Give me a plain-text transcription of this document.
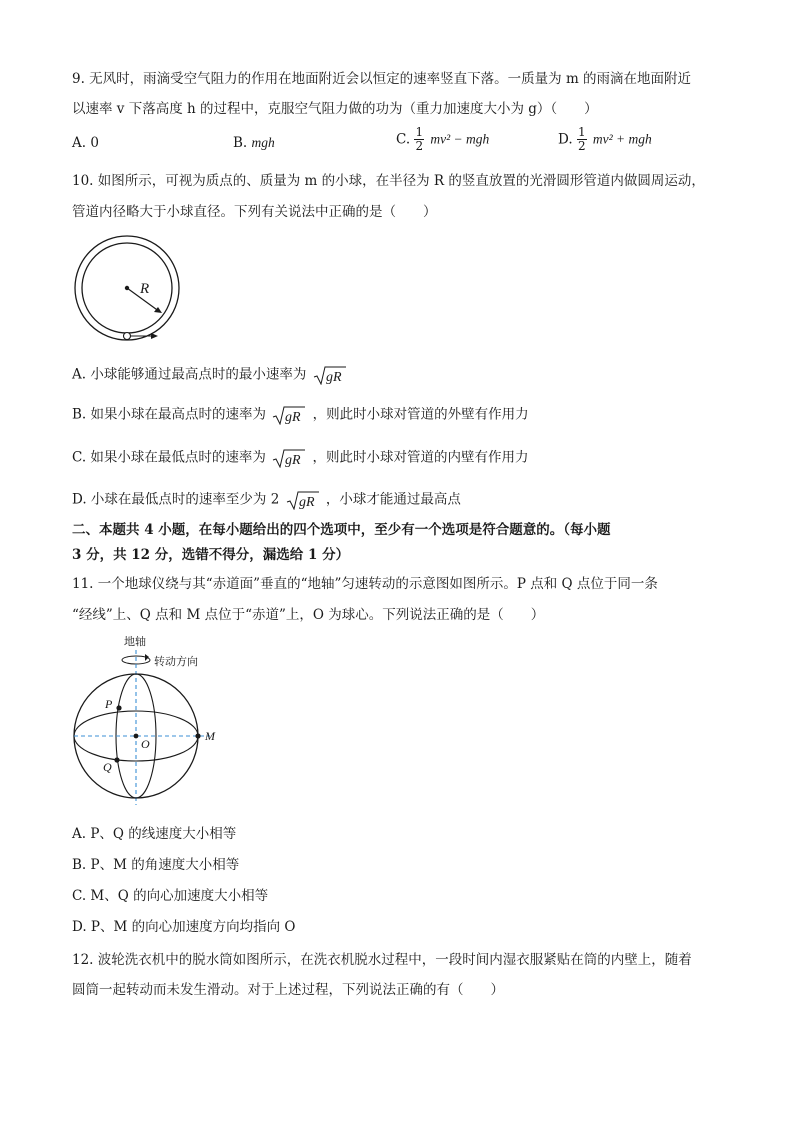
9. 无风时，雨滴受空气阻力的作用在地面附近会以恒定的速率竖直下落。一质量为 m 的雨滴在地面附近
以速率 v 下落高度 h 的过程中，克服空气阻力做的功为（重力加速度大小为 g）（　　）
A. 0	B. mgh	C. $\frac{1}{2} mv^2$ − mgh	D. $\frac{1}{2} mv^2$ + mgh
10. 如图所示，可视为质点的、质量为 m 的小球，在半径为 R 的竖直放置的光滑圆形管道内做圆周运动，
管道内径略大于小球直径。下列有关说法中正确的是（　　）
R
A. 小球能够通过最高点时的最小速率为 gR
B. 如果小球在最高点时的速率为 gR ，则此时小球对管道的外壁有作用力
C. 如果小球在最低点时的速率为 gR ，则此时小球对管道的内壁有作用力
D. 小球在最低点时的速率至少为 2 gR ，小球才能通过最高点
二、本题共 4 小题，在每小题给出的四个选项中，至少有一个选项是符合题意的。（每小题
3 分，共 12 分，选错不得分，漏选给 1 分）
11. 一个地球仪绕与其“赤道面”垂直的“地轴”匀速转动的示意图如图所示。P 点和 Q 点位于同一条
“经线”上、Q 点和 M 点位于“赤道”上，O 为球心。下列说法正确的是（　　）
地轴
转动方向
O
M
P
Q
A. P、Q 的线速度大小相等
B. P、M 的角速度大小相等
C. M、Q 的向心加速度大小相等
D. P、M 的向心加速度方向均指向 O
12. 波轮洗衣机中的脱水筒如图所示，在洗衣机脱水过程中，一段时间内湿衣服紧贴在筒的内壁上，随着
圆筒一起转动而未发生滑动。对于上述过程，下列说法正确的有（　　）
